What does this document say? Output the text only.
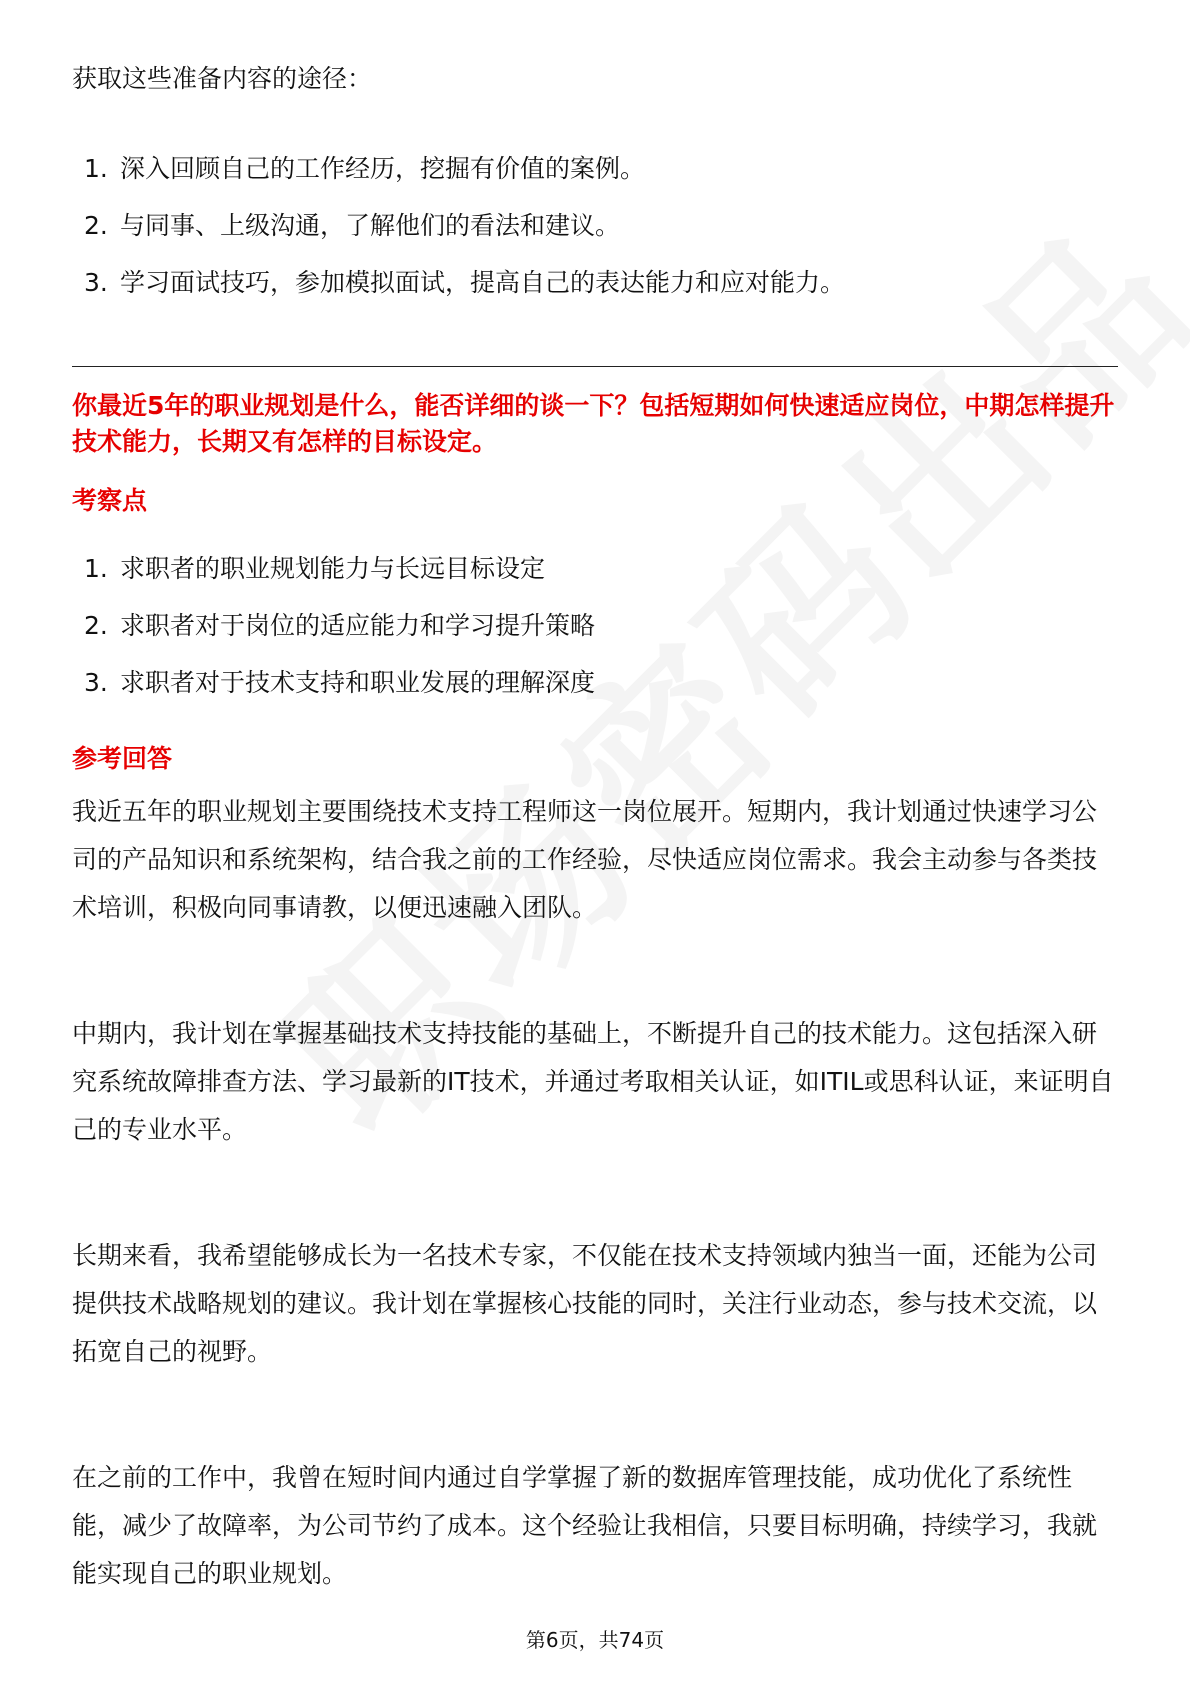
获取这些准备内容的途径：

1. 深入回顾自己的工作经历，挖掘有价值的案例。
2. 与同事、上级沟通，了解他们的看法和建议。
3. 学习面试技巧，参加模拟面试，提高自己的表达能力和应对能力。

你最近5年的职业规划是什么，能否详细的谈一下？包括短期如何快速适应岗位，中期怎样提升技术能力，长期又有怎样的目标设定。

考察点
1. 求职者的职业规划能力与长远目标设定
2. 求职者对于岗位的适应能力和学习提升策略
3. 求职者对于技术支持和职业发展的理解深度
参考回答

我近五年的职业规划主要围绕技术支持工程师这一岗位展开。短期内，我计划通过快速学习公司的产品知识和系统架构，结合我之前的工作经验，尽快适应岗位需求。我会主动参与各类技术培训，积极向同事请教，以便迅速融入团队。

中期内，我计划在掌握基础技术支持技能的基础上，不断提升自己的技术能力。这包括深入研究系统故障排查方法、学习最新的IT技术，并通过考取相关认证，如ITIL或思科认证，来证明自己的专业水平。

长期来看，我希望能够成长为一名技术专家，不仅能在技术支持领域内独当一面，还能为公司提供技术战略规划的建议。我计划在掌握核心技能的同时，关注行业动态，参与技术交流，以拓宽自己的视野。

在之前的工作中，我曾在短时间内通过自学掌握了新的数据库管理技能，成功优化了系统性能，减少了故障率，为公司节约了成本。这个经验让我相信，只要目标明确，持续学习，我就能实现自己的职业规划。

第6页，共74页
